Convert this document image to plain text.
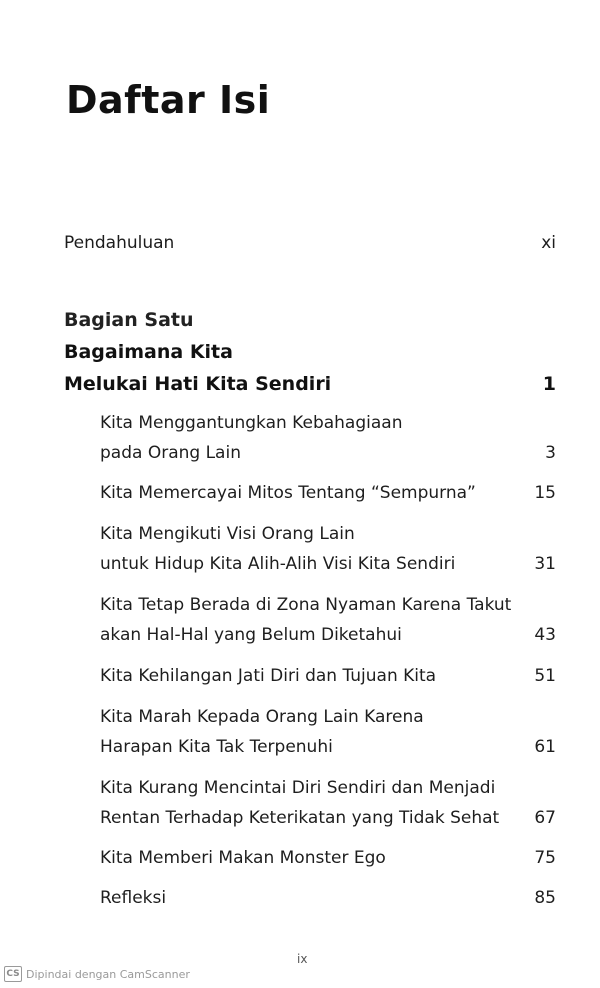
Daftar Isi
Pendahuluan	xi
Bagian Satu
Bagaimana Kita
Melukai Hati Kita Sendiri	1
Kita Menggantungkan Kebahagiaan
pada Orang Lain	3
Kita Memercayai Mitos Tentang “Sempurna”	15
Kita Mengikuti Visi Orang Lain
untuk Hidup Kita Alih-Alih Visi Kita Sendiri	31
Kita Tetap Berada di Zona Nyaman Karena Takut
akan Hal-Hal yang Belum Diketahui	43
Kita Kehilangan Jati Diri dan Tujuan Kita	51
Kita Marah Kepada Orang Lain Karena
Harapan Kita Tak Terpenuhi	61
Kita Kurang Mencintai Diri Sendiri dan Menjadi
Rentan Terhadap Keterikatan yang Tidak Sehat 67
Kita Memberi Makan Monster Ego	75
Refleksi	85
ix
CS Dipindai dengan CamScanner
